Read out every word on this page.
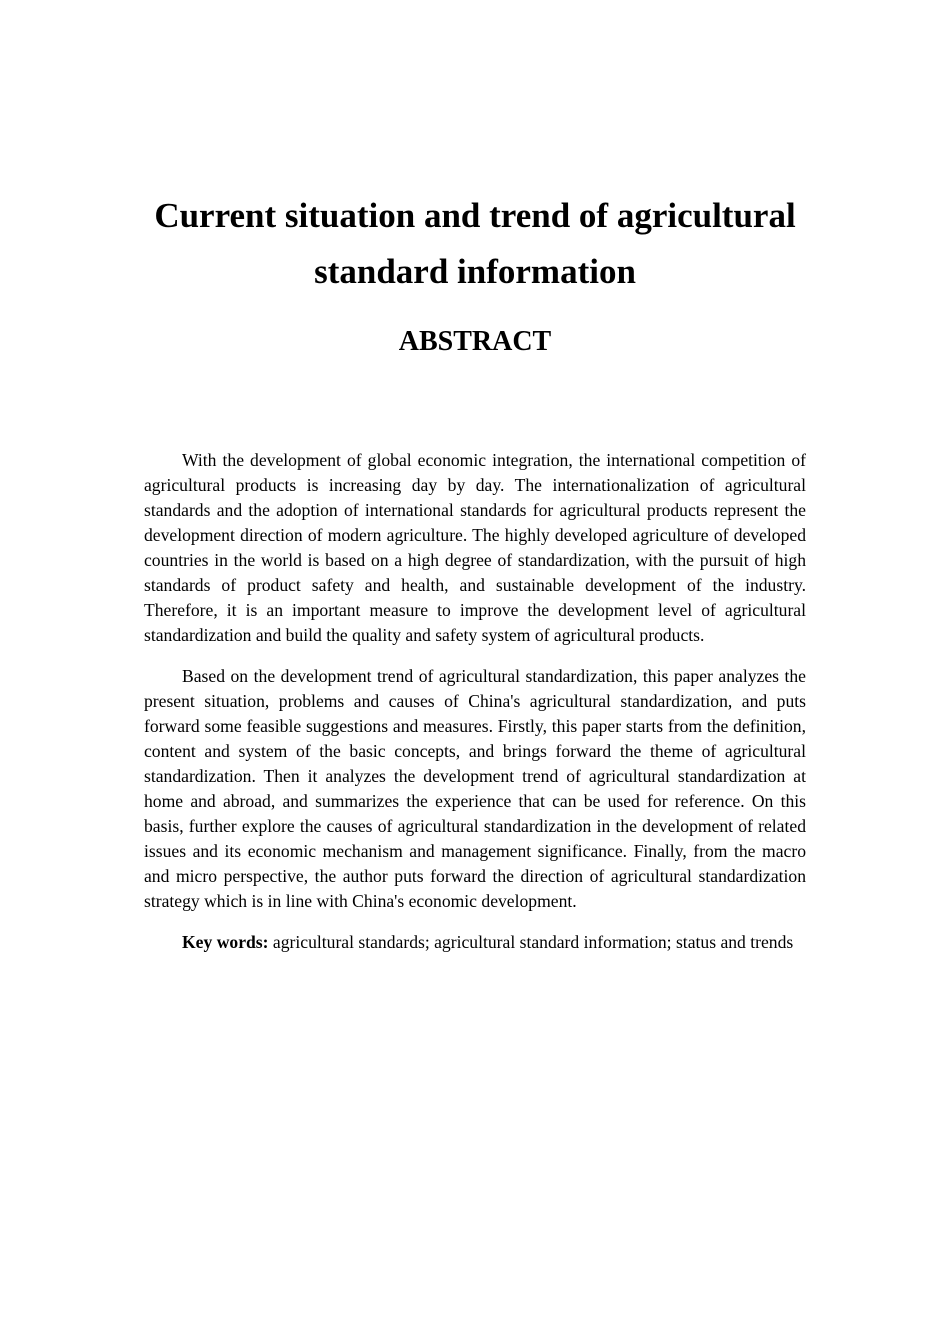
Current situation and trend of agricultural standard information
ABSTRACT

With the development of global economic integration, the international competition of agricultural products is increasing day by day. The internationalization of agricultural standards and the adoption of international standards for agricultural products represent the development direction of modern agriculture. The highly developed agriculture of developed countries in the world is based on a high degree of standardization, with the pursuit of high standards of product safety and health, and sustainable development of the industry. Therefore, it is an important measure to improve the development level of agricultural standardization and build the quality and safety system of agricultural products.

Based on the development trend of agricultural standardization, this paper analyzes the present situation, problems and causes of China's agricultural standardization, and puts forward some feasible suggestions and measures. Firstly, this paper starts from the definition, content and system of the basic concepts, and brings forward the theme of agricultural standardization. Then it analyzes the development trend of agricultural standardization at home and abroad, and summarizes the experience that can be used for reference. On this basis, further explore the causes of agricultural standardization in the development of related issues and its economic mechanism and management significance. Finally, from the macro and micro perspective, the author puts forward the direction of agricultural standardization strategy which is in line with China's economic development.

Key words: agricultural standards; agricultural standard information; status and trends
